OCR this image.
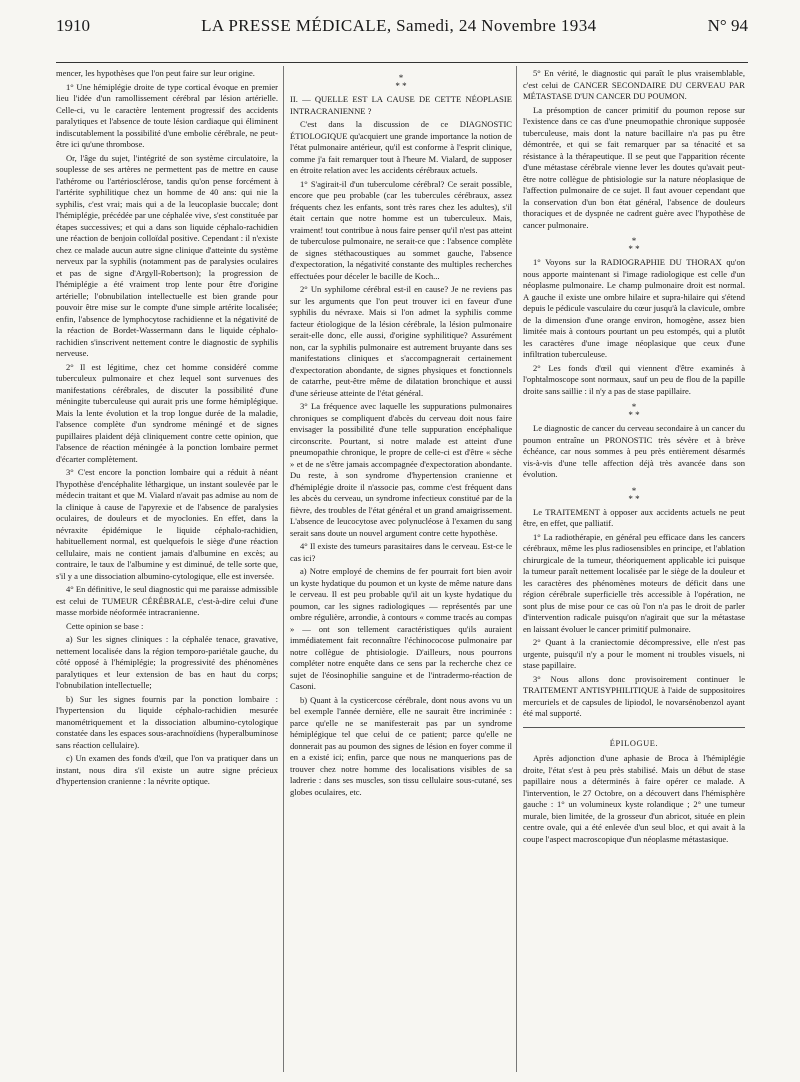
1910	LA PRESSE MÉDICALE, Samedi, 24 Novembre 1934	N° 94

mencer, les hypothèses que l'on peut faire sur leur origine.

1° Une hémiplégie droite de type cortical évoque en premier lieu l'idée d'un ramollissement cérébral par lésion artérielle. Celle-ci, vu le caractère lentement progressif des accidents paralytiques et l'absence de toute lésion cardiaque qui éliminent indiscutablement la possibilité d'une embolie cérébrale, ne peut-être ici qu'une thrombose.

Or, l'âge du sujet, l'intégrité de son système circulatoire, la souplesse de ses artères ne permettent pas de mettre en cause l'athérome ou l'artériosclérose, tandis qu'on pense forcément à l'artérite syphilitique chez un homme de 40 ans: qui nie la syphilis, c'est vrai; mais qui a de la leucoplasie buccale; dont l'hémiplégie, précédée par une céphalée vive, s'est constituée par étapes successives; et qui a dans son liquide céphalo-rachidien une réaction de benjoin colloïdal positive. Cependant : il n'existe chez ce malade aucun autre signe clinique d'atteinte du système nerveux par la syphilis (notamment pas de paralysies oculaires et pas de signe d'Argyll-Robertson); la progression de l'hémiplégie a été vraiment trop lente pour être d'origine artérielle; l'obnubilation intellectuelle est bien grande pour pouvoir être mise sur le compte d'une simple artérite localisée; enfin, l'absence de lymphocytose rachidienne et la négativité de la réaction de Bordet-Wassermann dans le liquide céphalo-rachidien s'inscrivent nettement contre le diagnostic de syphilis nerveuse.

2° Il est légitime, chez cet homme considéré comme tuberculeux pulmonaire et chez lequel sont survenues des manifestations cérébrales, de discuter la possibilité d'une méningite tuberculeuse qui aurait pris une forme hémiplégique. Mais la lente évolution et la trop longue durée de la maladie, l'absence complète d'un syndrome méningé et de signes pupillaires plaident déjà cliniquement contre cette opinion, que l'absence de réaction méningée à la ponction lombaire permet d'écarter complètement.

3° C'est encore la ponction lombaire qui a réduit à néant l'hypothèse d'encéphalite léthargique, un instant soulevée par le médecin traitant et que M. Vialard n'avait pas admise au nom de la clinique à cause de l'apyrexie et de l'absence de paralysies oculaires, de douleurs et de myoclonies. En effet, dans la névraxite épidémique le liquide céphalo-rachidien, habituellement normal, est quelquefois le siège d'une réaction cellulaire, mais ne contient jamais d'albumine en excès; au contraire, le taux de l'albumine y est diminué, de telle sorte que, s'il y a une dissociation albumino-cytologique, elle est inversée.

4° En définitive, le seul diagnostic qui me paraisse admissible est celui de TUMEUR CÉRÉBRALE, c'est-à-dire celui d'une masse morbide néoformée intracranienne.

Cette opinion se base :

a) Sur les signes cliniques : la céphalée tenace, gravative, nettement localisée dans la région temporo-pariétale gauche, du côté opposé à l'hémiplégie; la progressivité des phénomènes paralytiques et leur extension de bas en haut du corps; l'obnubilation intellectuelle;

b) Sur les signes fournis par la ponction lombaire : l'hypertension du liquide céphalo-rachidien mesurée manométriquement et la dissociation albumino-cytologique constatée dans les espaces sous-arachnoïdiens (hyperalbuminose sans réaction cellulaire).

c) Un examen des fonds d'œil, que l'on va pratiquer dans un instant, nous dira s'il existe un autre signe précieux d'hypertension cranienne : la névrite optique.

*
* *

II. — QUELLE EST LA CAUSE DE CETTE NÉOPLASIE INTRACRANIENNE ?

C'est dans la discussion de ce DIAGNOSTIC ÉTIOLOGIQUE qu'acquiert une grande importance la notion de l'état pulmonaire antérieur, qu'il est conforme à l'esprit clinique, comme j'a fait remarquer tout à l'heure M. Vialard, de supposer en étroite relation avec les accidents cérébraux actuels.

1° S'agirait-il d'un tuberculome cérébral? Ce serait possible, encore que peu probable (car les tubercules cérébraux, assez fréquents chez les enfants, sont très rares chez les adultes), s'il était certain que notre homme est un tuberculeux. Mais, vraiment! tout contribue à nous faire penser qu'il n'est pas atteint de tuberculose pulmonaire, ne serait-ce que : l'absence complète de signes stéthacoustiques au sommet gauche, l'absence d'expectoration, la négativité constante des multiples recherches effectuées pour déceler le bacille de Koch...

2° Un syphilome cérébral est-il en cause? Je ne reviens pas sur les arguments que l'on peut trouver ici en faveur d'une syphilis du névraxe. Mais si l'on admet la syphilis comme facteur étiologique de la lésion cérébrale, la lésion pulmonaire serait-elle donc, elle aussi, d'origine syphilitique? Assurément non, car la syphilis pulmonaire est autrement bruyante dans ses manifestations cliniques et s'accompagnerait certainement d'expectoration abondante, de signes physiques et fonctionnels de catarrhe, peut-être même de dilatation bronchique et aussi d'une sérieuse atteinte de l'état général.

3° La fréquence avec laquelle les suppurations pulmonaires chroniques se compliquent d'abcès du cerveau doit nous faire envisager la possibilité d'une telle suppuration encéphalique circonscrite. Pourtant, si notre malade est atteint d'une pneumopathie chronique, le propre de celle-ci est d'être « sèche » et de ne s'être jamais accompagnée d'expectoration abondante. Du reste, à son syndrome d'hypertension cranienne et d'hémiplégie droite il n'associe pas, comme c'est fréquent dans les abcès du cerveau, un syndrome infectieux constitué par de la fièvre, des troubles de l'état général et un grand amaigrissement. L'absence de leucocytose avec polynucléose à l'examen du sang serait sans doute un nouvel argument contre cette hypothèse.

4° Il existe des tumeurs parasitaires dans le cerveau. Est-ce le cas ici?

a) Notre employé de chemins de fer pourrait fort bien avoir un kyste hydatique du poumon et un kyste de même nature dans le cerveau. Il est peu probable qu'il ait un kyste hydatique du poumon, car les signes radiologiques — représentés par une ombre régulière, arrondie, à contours « comme tracés au compas » — ont son tellement caractéristiques qu'ils auraient immédiatement fait reconnaître l'échinococose pulmonaire par notre collègue de phtisiologie. D'ailleurs, nous pourrons compléter notre enquête dans ce sens par la recherche chez ce sujet de l'éosinophilie sanguine et de l'intradermo-réaction de Casoni.

b) Quant à la cysticercose cérébrale, dont nous avons vu un bel exemple l'année dernière, elle ne saurait être incriminée : parce qu'elle ne se manifesterait pas par un syndrome hémiplégique tel que celui de ce patient; parce qu'elle ne donnerait pas au poumon des signes de lésion en foyer comme il en a existé ici; enfin, parce que nous ne manquerions pas de trouver chez notre homme des localisations visibles de sa ladrerie : dans ses muscles, son tissu cellulaire sous-cutané, ses globes oculaires, etc.

5° En vérité, le diagnostic qui paraît le plus vraisemblable, c'est celui de CANCER SECONDAIRE DU CERVEAU PAR MÉTASTASE D'UN CANCER DU POUMON.

La présomption de cancer primitif du poumon repose sur l'existence dans ce cas d'une pneumopathie chronique supposée tuberculeuse, mais dont la nature bacillaire n'a pas pu être démontrée, et qui se fait remarquer par sa ténacité et sa résistance à la thérapeutique. Il se peut que l'apparition récente d'une métastase cérébrale vienne lever les doutes qu'avait peut-être notre collègue de phtisiologie sur la nature néoplasique de l'affection pulmonaire de ce sujet. Il faut avouer cependant que la conservation d'un bon état général, l'absence de douleurs thoraciques et de dyspnée ne cadrent guère avec l'hypothèse de cancer pulmonaire.

*
* *

1° Voyons sur la RADIOGRAPHIE DU THORAX qu'on nous apporte maintenant si l'image radiologique est celle d'un néoplasme pulmonaire. Le champ pulmonaire droit est normal. A gauche il existe une ombre hilaire et supra-hilaire qui s'étend depuis le pédicule vasculaire du cœur jusqu'à la clavicule, ombre de la dimension d'une orange environ, homogène, assez bien limitée mais à contours pourtant un peu estompés, qui a plutôt les caractères d'une image néoplasique que ceux d'une infiltration tuberculeuse.

2° Les fonds d'œil qui viennent d'être examinés à l'ophtalmoscope sont normaux, sauf un peu de flou de la papille droite sans saillie : il n'y a pas de stase papillaire.

*
* *

Le diagnostic de cancer du cerveau secondaire à un cancer du poumon entraîne un PRONOSTIC très sévère et à brève échéance, car nous sommes à peu près entièrement désarmés vis-à-vis d'une telle affection déjà très avancée dans son évolution.

*
* *

Le TRAITEMENT à opposer aux accidents actuels ne peut être, en effet, que palliatif.

1° La radiothérapie, en général peu efficace dans les cancers cérébraux, même les plus radiosensibles en principe, et l'ablation chirurgicale de la tumeur, théoriquement applicable ici puisque la tumeur paraît nettement localisée par le siège de la douleur et les caractères des phénomènes moteurs de déficit dans une région cérébrale superficielle très accessible à l'opération, ne sont plus de mise pour ce cas où l'on n'a pas le droit de parler d'intervention radicale puisqu'on n'agirait que sur la métastase en laissant évoluer le cancer primitif pulmonaire.

2° Quant à la craniectomie décompressive, elle n'est pas urgente, puisqu'il n'y a pour le moment ni troubles visuels, ni stase papillaire.

3° Nous allons donc provisoirement continuer le TRAITEMENT ANTISYPHILITIQUE à l'aide de suppositoires mercuriels et de capsules de lipiodol, le novarsénobenzol ayant été mal supporté.

ÉPILOGUE.

Après adjonction d'une aphasie de Broca à l'hémiplégie droite, l'état s'est à peu près stabilisé. Mais un début de stase papillaire nous a déterminés à faire opérer ce malade. A l'intervention, le 27 Octobre, on a découvert dans l'hémisphère gauche : 1° un volumineux kyste rolandique ; 2° une tumeur murale, bien limitée, de la grosseur d'un abricot, située en plein centre ovale, qui a été enlevée d'un seul bloc, et qui avait à la coupe l'aspect macroscopique d'un néoplasme métastasique.
